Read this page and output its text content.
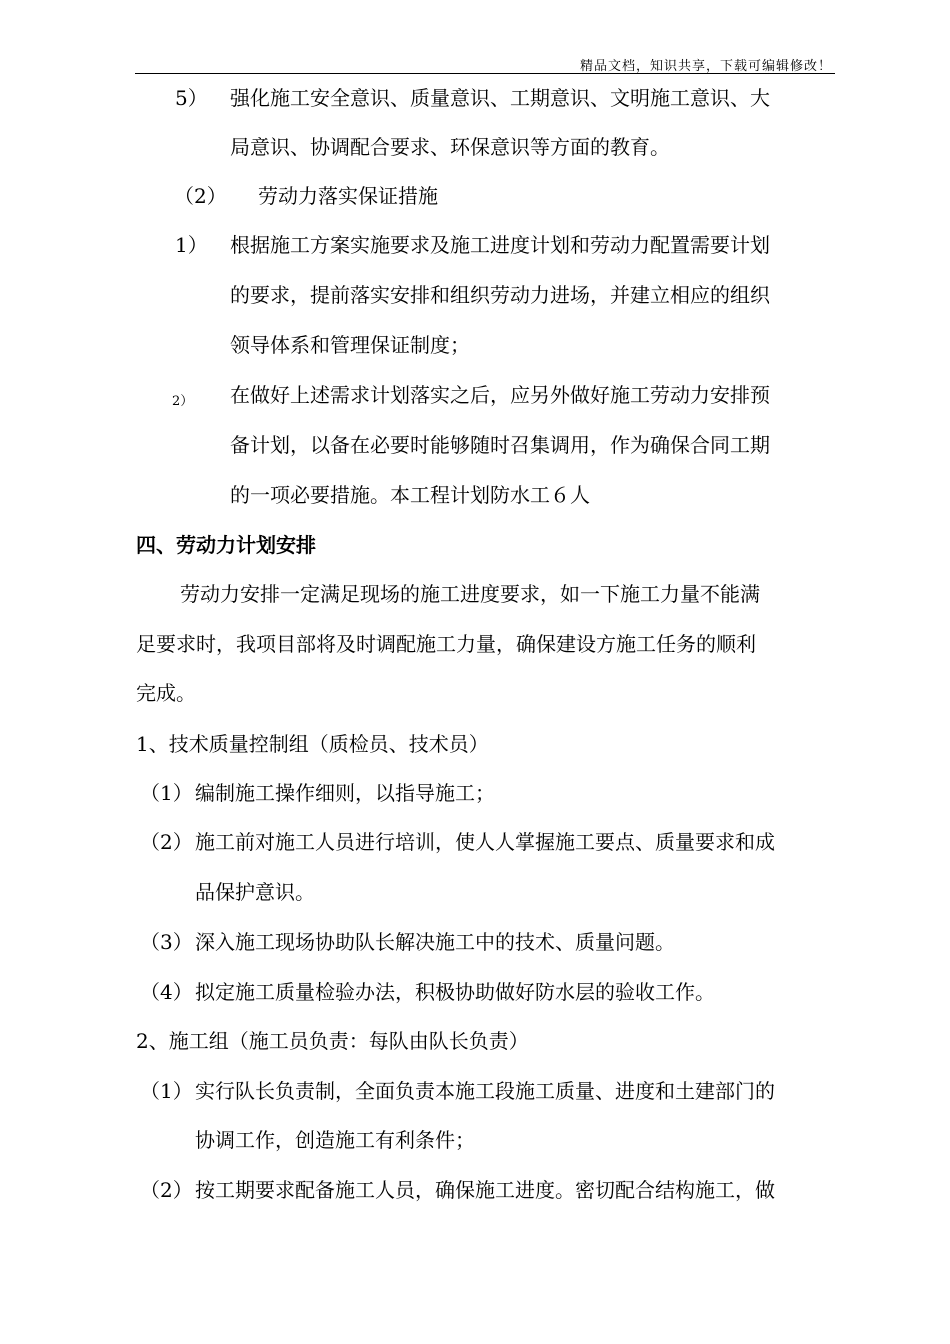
精品文档，知识共享，下载可编辑修改！
5） 强化施工安全意识、质量意识、工期意识、文明施工意识、大
局意识、协调配合要求、环保意识等方面的教育。
（2） 劳动力落实保证措施
1） 根据施工方案实施要求及施工进度计划和劳动力配置需要计划
的要求，提前落实安排和组织劳动力进场，并建立相应的组织
领导体系和管理保证制度；
2） 在做好上述需求计划落实之后，应另外做好施工劳动力安排预
备计划，以备在必要时能够随时召集调用，作为确保合同工期
的一项必要措施。本工程计划防水工６人
四、劳动力计划安排
劳动力安排一定满足现场的施工进度要求，如一下施工力量不能满
足要求时，我项目部将及时调配施工力量，确保建设方施工任务的顺利
完成。
1、技术质量控制组（质检员、技术员）
（1） 编制施工操作细则，以指导施工；
（2） 施工前对施工人员进行培训，使人人掌握施工要点、质量要求和成
品保护意识。
（3） 深入施工现场协助队长解决施工中的技术、质量问题。
（4） 拟定施工质量检验办法，积极协助做好防水层的验收工作。
2、施工组（施工员负责：每队由队长负责）
（1） 实行队长负责制，全面负责本施工段施工质量、进度和土建部门的
协调工作，创造施工有利条件；
（2） 按工期要求配备施工人员，确保施工进度。密切配合结构施工，做
